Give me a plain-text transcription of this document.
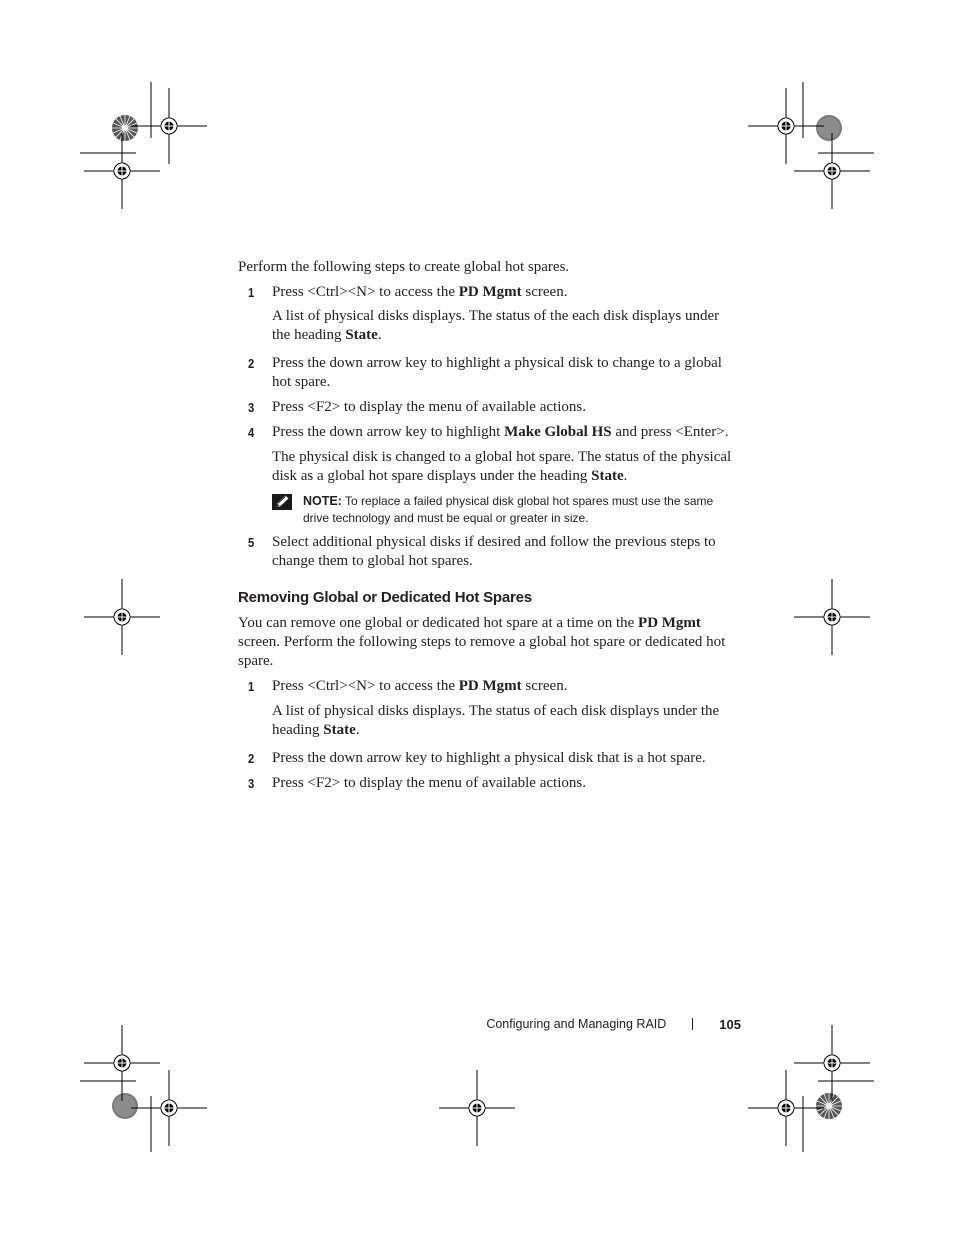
Perform the following steps to create global hot spares.

1 Press <Ctrl><N> to access the PD Mgmt screen.

A list of physical disks displays. The status of the each disk displays under the heading State.

2 Press the down arrow key to highlight a physical disk to change to a global hot spare.

3 Press <F2> to display the menu of available actions.

4 Press the down arrow key to highlight Make Global HS and press <Enter>.

The physical disk is changed to a global hot spare. The status of the physical disk as a global hot spare displays under the heading State.

NOTE: To replace a failed physical disk global hot spares must use the same drive technology and must be equal or greater in size.

5 Select additional physical disks if desired and follow the previous steps to change them to global hot spares.

Removing Global or Dedicated Hot Spares

You can remove one global or dedicated hot spare at a time on the PD Mgmt screen. Perform the following steps to remove a global hot spare or dedicated hot spare.

1 Press <Ctrl><N> to access the PD Mgmt screen.

A list of physical disks displays. The status of each disk displays under the heading State.

2 Press the down arrow key to highlight a physical disk that is a hot spare.

3 Press <F2> to display the menu of available actions.

Configuring and Managing RAID	105
